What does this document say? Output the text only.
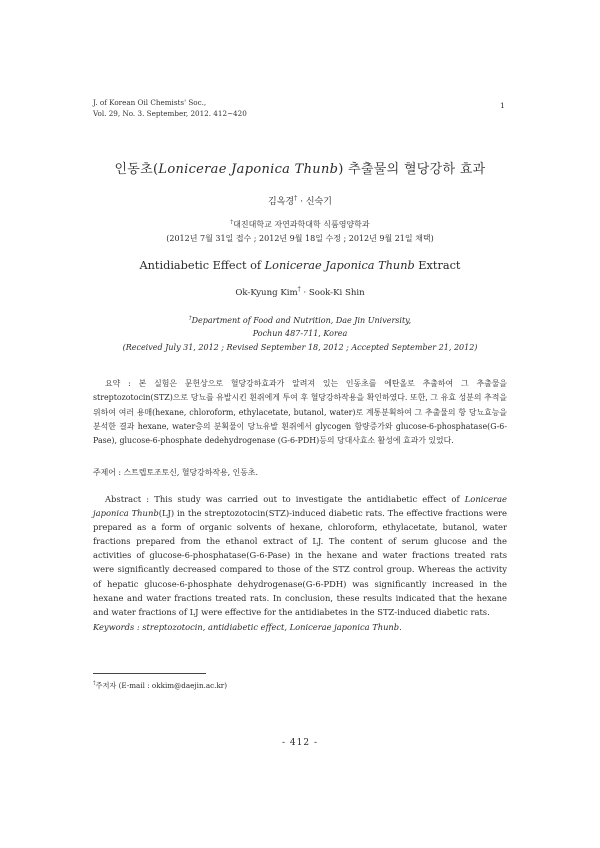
J. of Korean Oil Chemists' Soc.,
Vol. 29, No. 3. September, 2012. 412~420
1
인동초(Lonicerae Japonica Thunb) 추출물의 혈당강하 효과
김옥경† · 신숙기
†대진대학교 자연과학대학 식품영양학과
(2012년 7월 31일 접수 ; 2012년 9월 18일 수정 ; 2012년 9월 21일 채택)
Antidiabetic Effect of Lonicerae Japonica Thunb Extract
Ok-Kyung Kim† · Sook-Ki Shin
†Department of Food and Nutrition, Dae Jin University,
Pochun 487-711, Korea
(Received July 31, 2012 ; Revised September 18, 2012 ; Accepted September 21, 2012)
요약 : 본 실험은 문헌상으로 혈당강하효과가 알려져 있는 인동초를 에탄올로 추출하여 그 추출물을 streptozotocin(STZ)으로 당뇨를 유발시킨 흰쥐에게 투여 후 혈당강하작용을 확인하였다. 또한, 그 유효 성분의 추적을 위하여 여러 용매(hexane, chloroform, ethylacetate, butanol, water)로 계통분획하여 그 추출물의 항 당뇨효능을 분석한 결과 hexane, water층의 분획물이 당뇨유발 흰쥐에서 glycogen 함량증가와 glucose-6-phosphatase(G-6-Pase), glucose-6-phosphate dedehydrogenase (G-6-PDH)등의 당대사효소 활성에 효과가 있었다.
주제어 : 스트렙토조토신, 혈당강하작용, 인동초.
Abstract : This study was carried out to investigate the antidiabetic effect of Lonicerae japonica Thunb(LJ) in the streptozotocin(STZ)-induced diabetic rats. The effective fractions were prepared as a form of organic solvents of hexane, chloroform, ethylacetate, butanol, water fractions prepared from the ethanol extract of LJ. The content of serum glucose and the activities of glucose-6-phosphatase(G-6-Pase) in the hexane and water fractions treated rats were significantly decreased compared to those of the STZ control group. Whereas the activity of hepatic glucose-6-phosphate dehydrogenase(G-6-PDH) was significantly increased in the hexane and water fractions treated rats. In conclusion, these results indicated that the hexane and water fractions of LJ were effective for the antidiabetes in the STZ-induced diabetic rats.
Keywords : streptozotocin, antidiabetic effect, Lonicerae japonica Thunb.
†주저자 (E-mail : okkim@daejin.ac.kr)
- 412 -
